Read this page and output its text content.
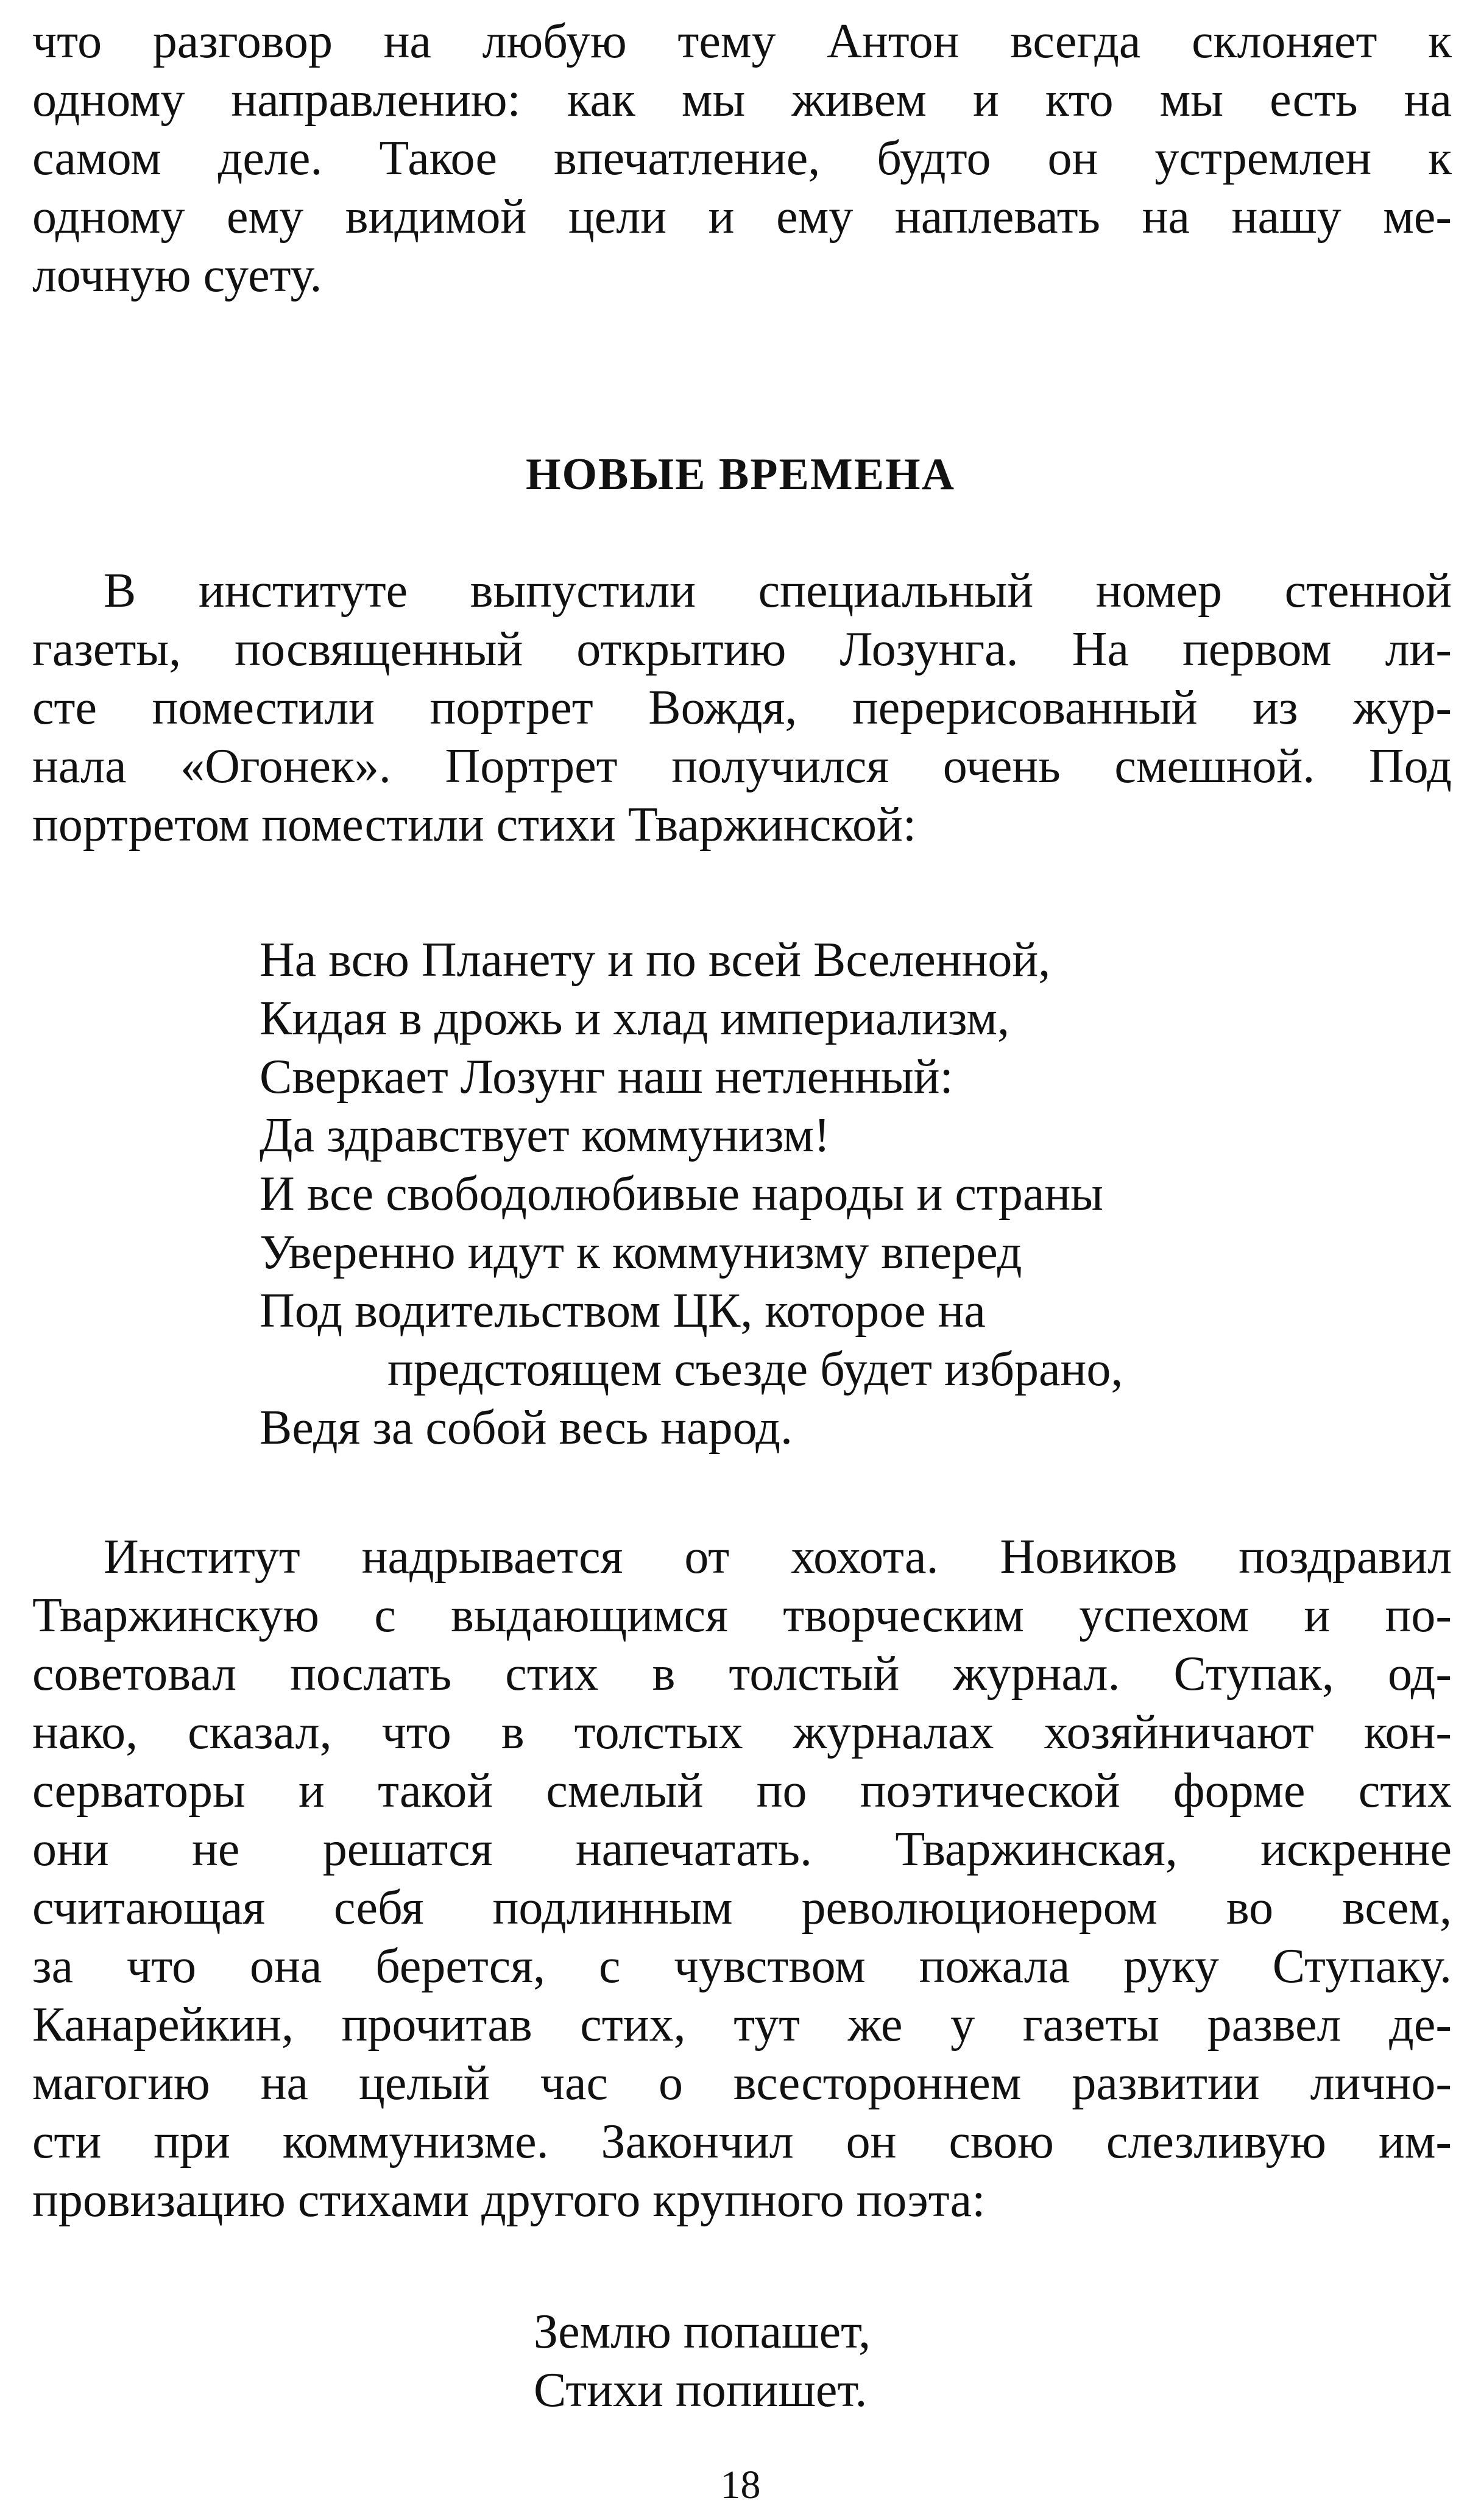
что разговор на любую тему Антон всегда склоняет к
одному направлению: как мы живем и кто мы есть на
самом деле. Такое впечатление, будто он устремлен к
одному ему видимой цели и ему наплевать на нашу ме-
лочную суету.
НОВЫЕ ВРЕМЕНА
В институте выпустили специальный номер стенной
газеты, посвященный открытию Лозунга. На первом ли-
сте поместили портрет Вождя, перерисованный из жур-
нала «Огонек». Портрет получился очень смешной. Под
портретом поместили стихи Тваржинской:
На всю Планету и по всей Вселенной,
Кидая в дрожь и хлад империализм,
Сверкает Лозунг наш нетленный:
Да здравствует коммунизм!
И все свободолюбивые народы и страны
Уверенно идут к коммунизму вперед
Под водительством ЦК, которое на
предстоящем съезде будет избрано,
Ведя за собой весь народ.
Институт надрывается от хохота. Новиков поздравил
Тваржинскую с выдающимся творческим успехом и по-
советовал послать стих в толстый журнал. Ступак, од-
нако, сказал, что в толстых журналах хозяйничают кон-
серваторы и такой смелый по поэтической форме стих
они не решатся напечатать. Тваржинская, искренне
считающая себя подлинным революционером во всем,
за что она берется, с чувством пожала руку Ступаку.
Канарейкин, прочитав стих, тут же у газеты развел де-
магогию на целый час о всестороннем развитии лично-
сти при коммунизме. Закончил он свою слезливую им-
провизацию стихами другого крупного поэта:
Землю попашет,
Стихи попишет.
18
